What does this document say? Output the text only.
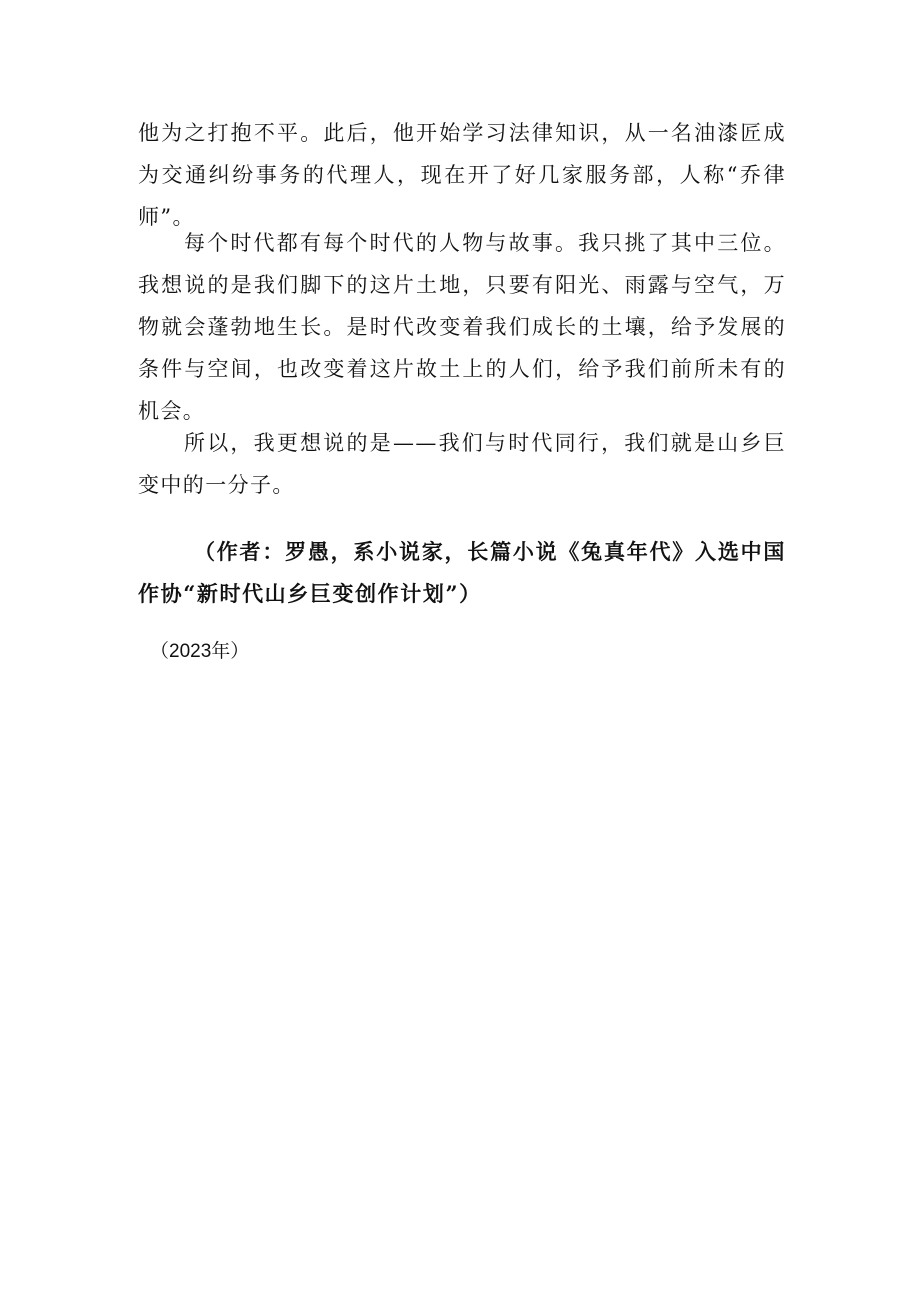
他为之打抱不平。此后，他开始学习法律知识，从一名油漆匠成为交通纠纷事务的代理人，现在开了好几家服务部，人称“乔律师”。

每个时代都有每个时代的人物与故事。我只挑了其中三位。我想说的是我们脚下的这片土地，只要有阳光、雨露与空气，万物就会蓬勃地生长。是时代改变着我们成长的土壤，给予发展的条件与空间，也改变着这片故土上的人们，给予我们前所未有的机会。

所以，我更想说的是——我们与时代同行，我们就是山乡巨变中的一分子。

（作者：罗愚，系小说家，长篇小说《兔真年代》入选中国作协“新时代山乡巨变创作计划”）

（2023年）
